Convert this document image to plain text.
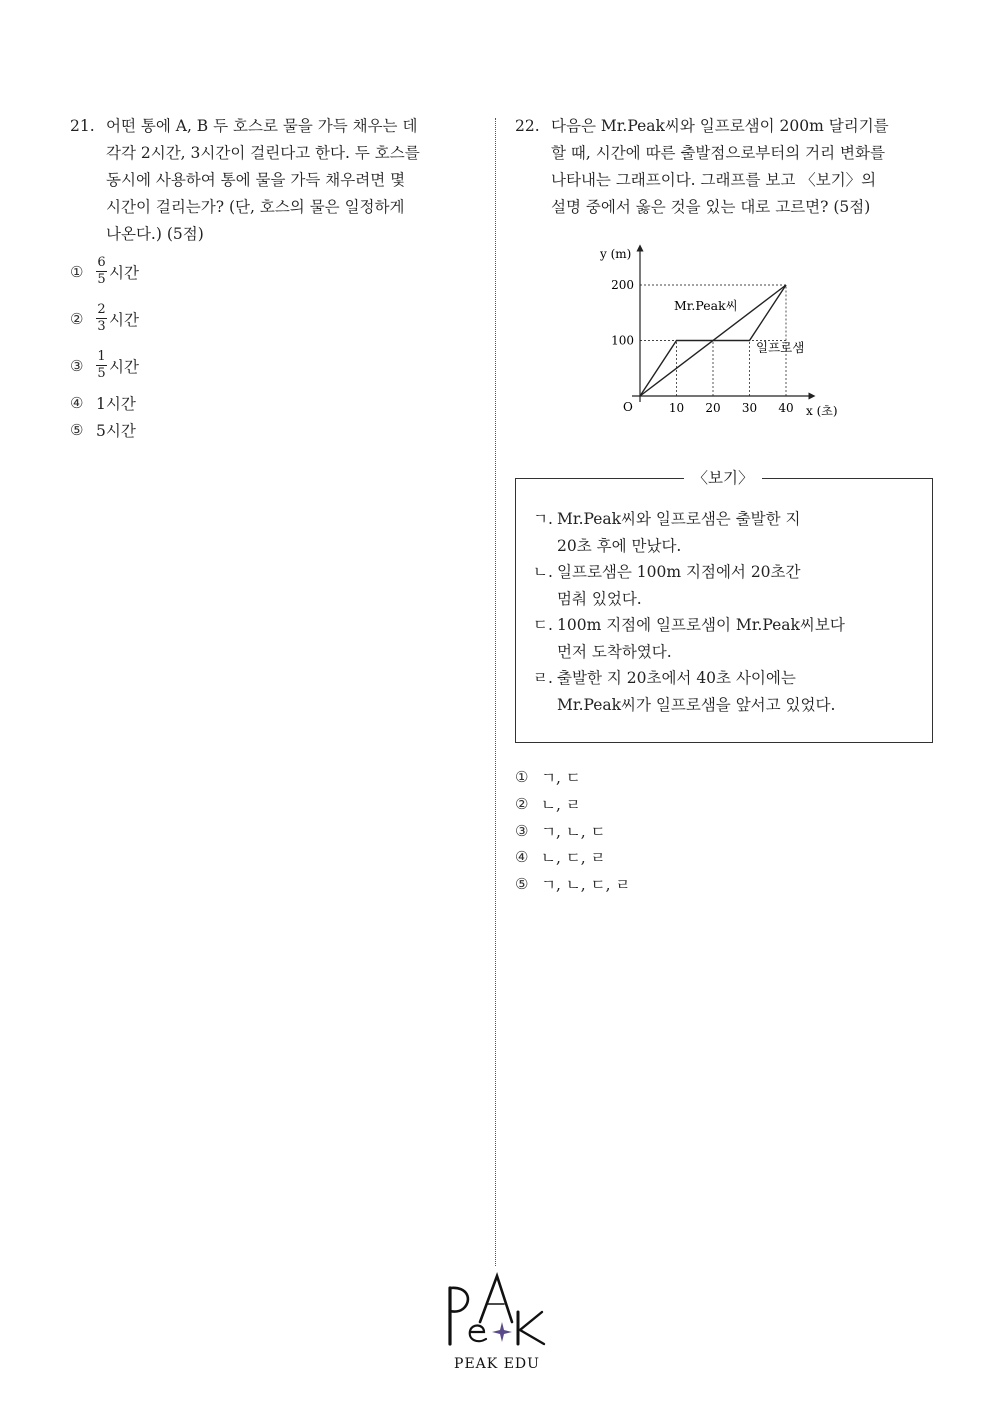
21. 어떤 통에 A, B 두 호스로 물을 가득 채우는 데
각각 2시간, 3시간이 걸린다고 한다. 두 호스를
동시에 사용하여 통에 물을 가득 채우려면 몇
시간이 걸리는가? (단, 호스의 물은 일정하게
나온다.) (5점)
① $\frac{6}{5}$ 시간
② $\frac{2}{3}$ 시간
③ $\frac{1}{5}$ 시간
④ 1시간
⑤ 5시간
22. 다음은 Mr.Peak씨와 일프로샘이 200m 달리기를
할 때, 시간에 따른 출발점으로부터의 거리 변화를
나타내는 그래프이다. 그래프를 보고 〈보기〉의
설명 중에서 옳은 것을 있는 대로 고르면? (5점)
10 20 30 40
100
200
y (m)
x (초)
O
Mr.Peak씨
일프로샘
〈보기〉
ㄱ. Mr.Peak씨와 일프로샘은 출발한 지
20초 후에 만났다.
ㄴ. 일프로샘은 100m 지점에서 20초간
멈춰 있었다.
ㄷ. 100m 지점에 일프로샘이 Mr.Peak씨보다
먼저 도착하였다.
ㄹ. 출발한 지 20초에서 40초 사이에는
Mr.Peak씨가 일프로샘을 앞서고 있었다.
① ㄱ, ㄷ
② ㄴ, ㄹ
③ ㄱ, ㄴ, ㄷ
④ ㄴ, ㄷ, ㄹ
⑤ ㄱ, ㄴ, ㄷ, ㄹ
PEAK EDU
